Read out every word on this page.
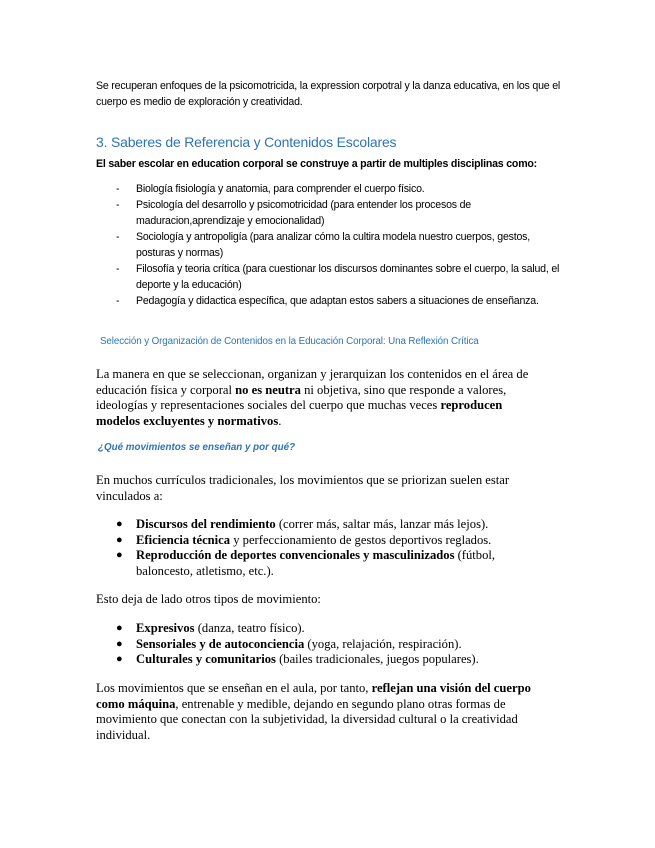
Se recuperan enfoques de la psicomotricida, la expression corpotral y la danza educativa, en los que el cuerpo es medio de exploración y creatividad.

3. Saberes de Referencia y Contenidos Escolares

El saber escolar en education corporal se construye a partir de multiples disciplinas como:

- Biología fisiología y anatomia, para comprender el cuerpo físico.
- Psicología del desarrollo y psicomotricidad (para entender los procesos de maduracion,aprendizaje y emocionalidad)
- Sociología y antropoligía (para analizar cómo la cultira modela nuestro cuerpos, gestos, posturas y normas)
- Filosofía y teoria crítica (para cuestionar los discursos dominantes sobre el cuerpo, la salud, el deporte y la educación)
- Pedagogía y didactica específica, que adaptan estos sabers a situaciones de enseñanza.
Selección y Organización de Contenidos en la Educación Corporal: Una Reflexión Crítica

La manera en que se seleccionan, organizan y jerarquizan los contenidos en el área de educación física y corporal no es neutra ni objetiva, sino que responde a valores, ideologías y representaciones sociales del cuerpo que muchas veces reproducen modelos excluyentes y normativos.

¿Qué movimientos se enseñan y por qué?

En muchos currículos tradicionales, los movimientos que se priorizan suelen estar vinculados a:

● Discursos del rendimiento (correr más, saltar más, lanzar más lejos).
● Eficiencia técnica y perfeccionamiento de gestos deportivos reglados.
● Reproducción de deportes convencionales y masculinizados (fútbol, baloncesto, atletismo, etc.).

Esto deja de lado otros tipos de movimiento:

● Expresivos (danza, teatro físico).
● Sensoriales y de autoconciencia (yoga, relajación, respiración).
● Culturales y comunitarios (bailes tradicionales, juegos populares).

Los movimientos que se enseñan en el aula, por tanto, reflejan una visión del cuerpo como máquina, entrenable y medible, dejando en segundo plano otras formas de movimiento que conectan con la subjetividad, la diversidad cultural o la creatividad individual.
